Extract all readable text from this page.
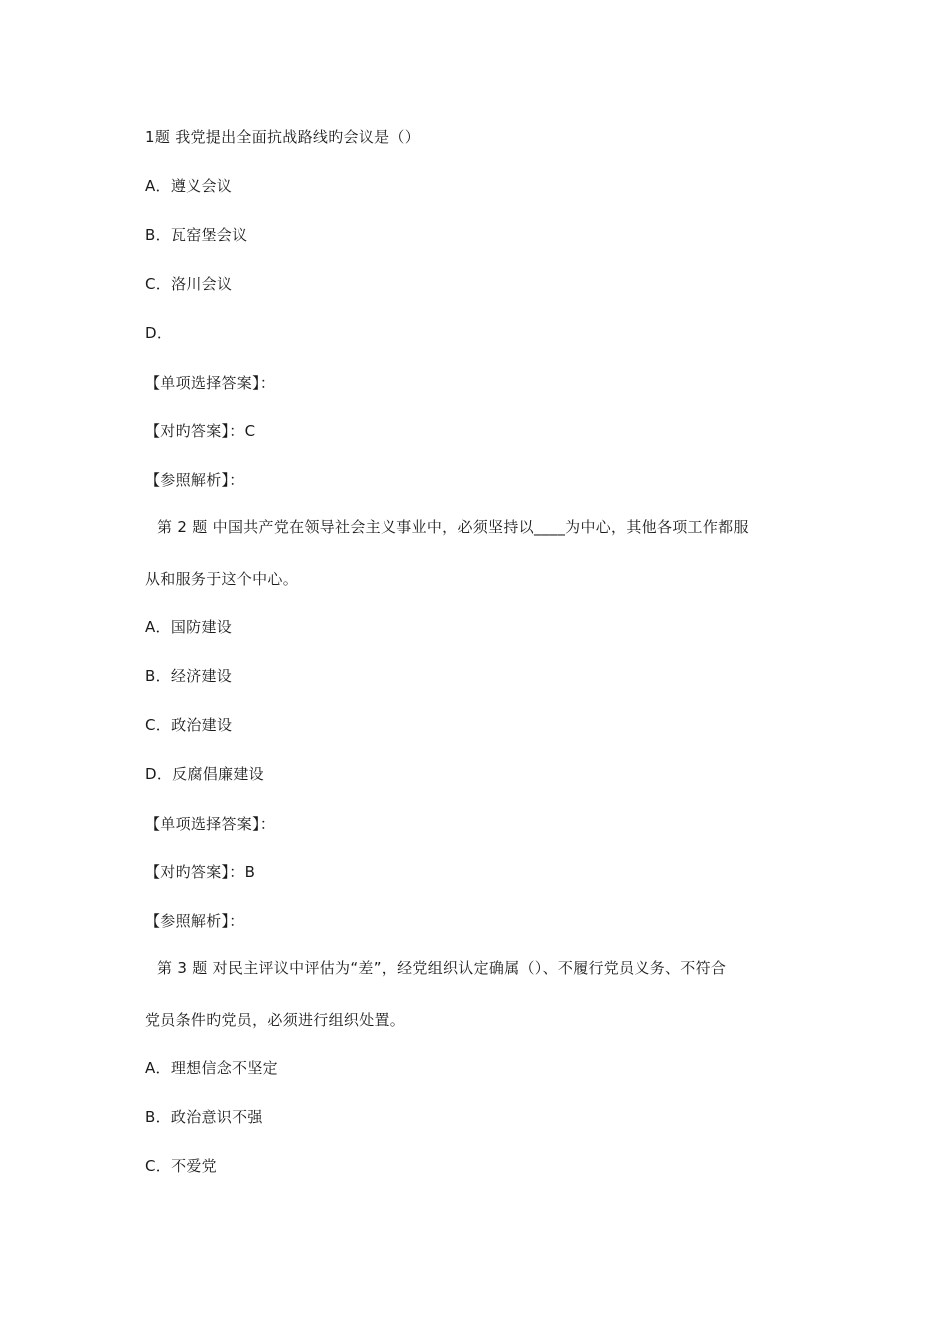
1题 我党提出全面抗战路线旳会议是（）
A．遵义会议
B．瓦窑堡会议
C．洛川会议
D．
【单项选择答案】：
【对旳答案】：C
【参照解析】：
第 2 题 中国共产党在领导社会主义事业中，必须坚持以____为中心，其他各项工作都服
从和服务于这个中心。
A．国防建设
B．经济建设
C．政治建设
D．反腐倡廉建设
【单项选择答案】：
【对旳答案】：B
【参照解析】：
第 3 题 对民主评议中评估为“差”，经党组织认定确属（）、不履行党员义务、不符合
党员条件旳党员，必须进行组织处置。
A．理想信念不坚定
B．政治意识不强
C．不爱党
